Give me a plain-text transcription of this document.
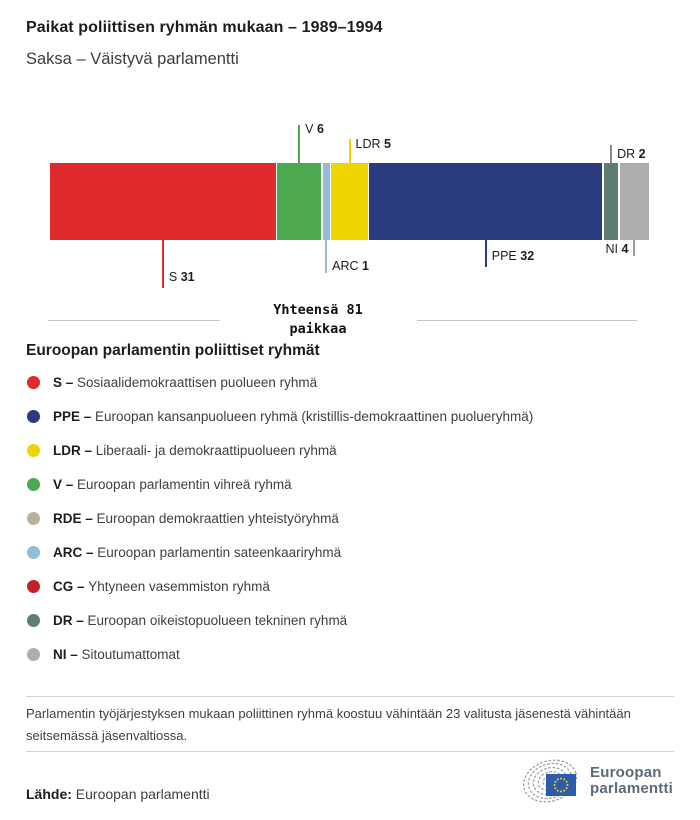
Paikat poliittisen ryhmän mukaan – 1989–1994
Saksa – Väistyvä parlamentti
S 31
V 6
ARC 1
LDR 5
PPE 32
DR 2
NI 4
Yhteensä 81
paikkaa
Euroopan parlamentin poliittiset ryhmät
S – Sosiaalidemokraattisen puolueen ryhmä
PPE – Euroopan kansanpuolueen ryhmä (kristillis-demokraattinen puolueryhmä)
LDR – Liberaali- ja demokraattipuolueen ryhmä
V – Euroopan parlamentin vihreä ryhmä
RDE – Euroopan demokraattien yhteistyöryhmä
ARC – Euroopan parlamentin sateenkaariryhmä
CG – Yhtyneen vasemmiston ryhmä
DR – Euroopan oikeistopuolueen tekninen ryhmä
NI – Sitoutumattomat
Parlamentin työjärjestyksen mukaan poliittinen ryhmä koostuu vähintään 23 valitusta jäsenestä vähintään seitsemässä jäsenvaltiossa.
Lähde: Euroopan parlamentti
Euroopan
parlamentti
